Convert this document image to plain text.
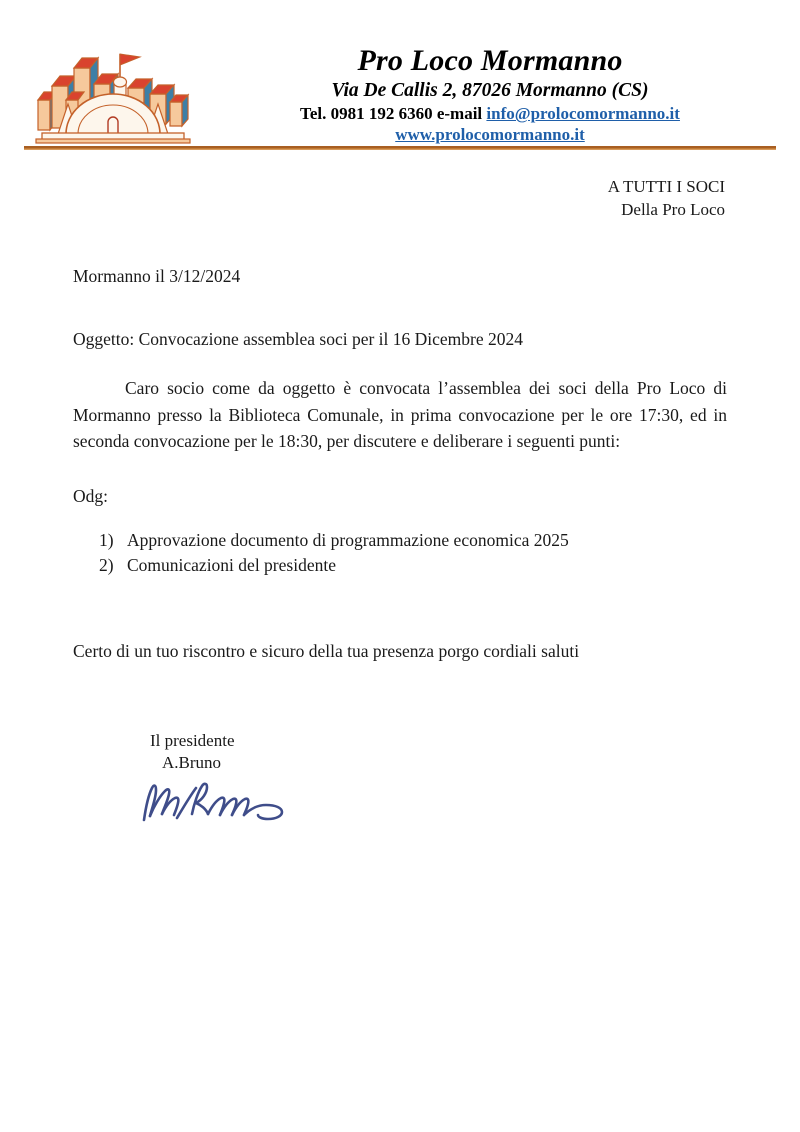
Pro Loco Mormanno

Via De Callis 2, 87026 Mormanno (CS)

Tel. 0981 192 6360 e-mail info@prolocomormanno.it

www.prolocomormanno.it

A TUTTI I SOCI
Della Pro Loco
Mormanno il 3/12/2024
Oggetto: Convocazione assemblea soci per il 16 Dicembre 2024
Caro socio come da oggetto è convocata l’assemblea dei soci della Pro Loco di Mormanno presso la Biblioteca Comunale, in prima convocazione per le ore 17:30, ed in seconda convocazione per le 18:30, per discutere e deliberare i seguenti punti:
Odg:
1) Approvazione documento di programmazione economica 2025
2) Comunicazioni del presidente
Certo di un tuo riscontro e sicuro della tua presenza porgo cordiali saluti

Il presidente

A.Bruno
